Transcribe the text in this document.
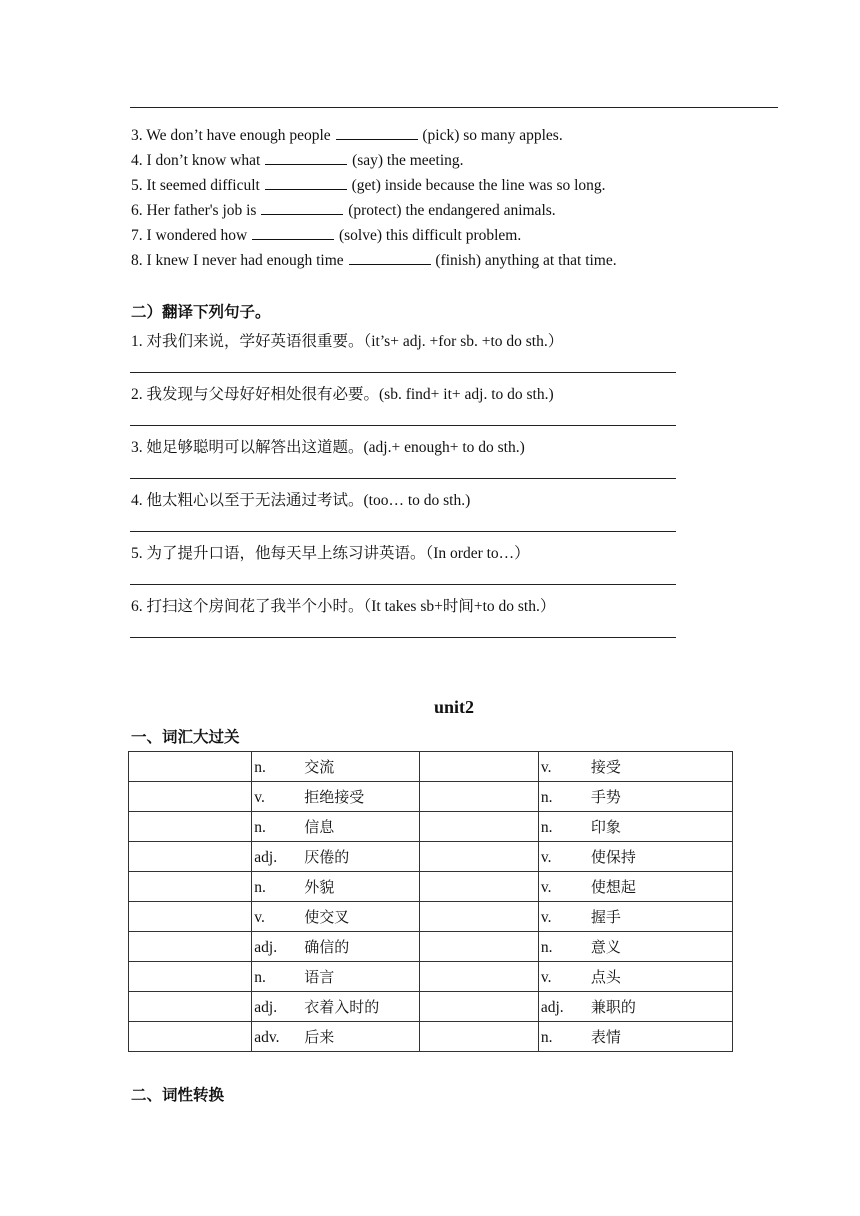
3. We don’t have enough people	(pick) so many apples.
4. I don’t know what	(say) the meeting.
5. It seemed difficult	(get) inside because the line was so long.
6. Her father's job is	(protect) the endangered animals.
7. I wondered how	(solve) this difficult problem.
8. I knew I never had enough time	(finish) anything at that time.
二）翻译下列句子。
1. 对我们来说，学好英语很重要。（it’s+ adj. +for sb. +to do sth.）
2. 我发现与父母好好相处很有必要。(sb. find+ it+ adj. to do sth.)
3. 她足够聪明可以解答出这道题。(adj.+ enough+ to do sth.)
4. 他太粗心以至于无法通过考试。(too… to do sth.)
5. 为了提升口语，他每天早上练习讲英语。（In order to…）
6. 打扫这个房间花了我半个小时。（It takes sb+时间+to do sth.）
unit2
一、词汇大过关
	n. 交流		v. 接受
	v. 拒绝接受		n. 手势
	n. 信息		n. 印象
	adj. 厌倦的		v. 使保持
	n. 外貌		v. 使想起
	v. 使交叉		v. 握手
	adj. 确信的		n. 意义
	n. 语言		v. 点头
	adj. 衣着入时的		adj. 兼职的
	adv. 后来		n. 表情
二、词性转换
